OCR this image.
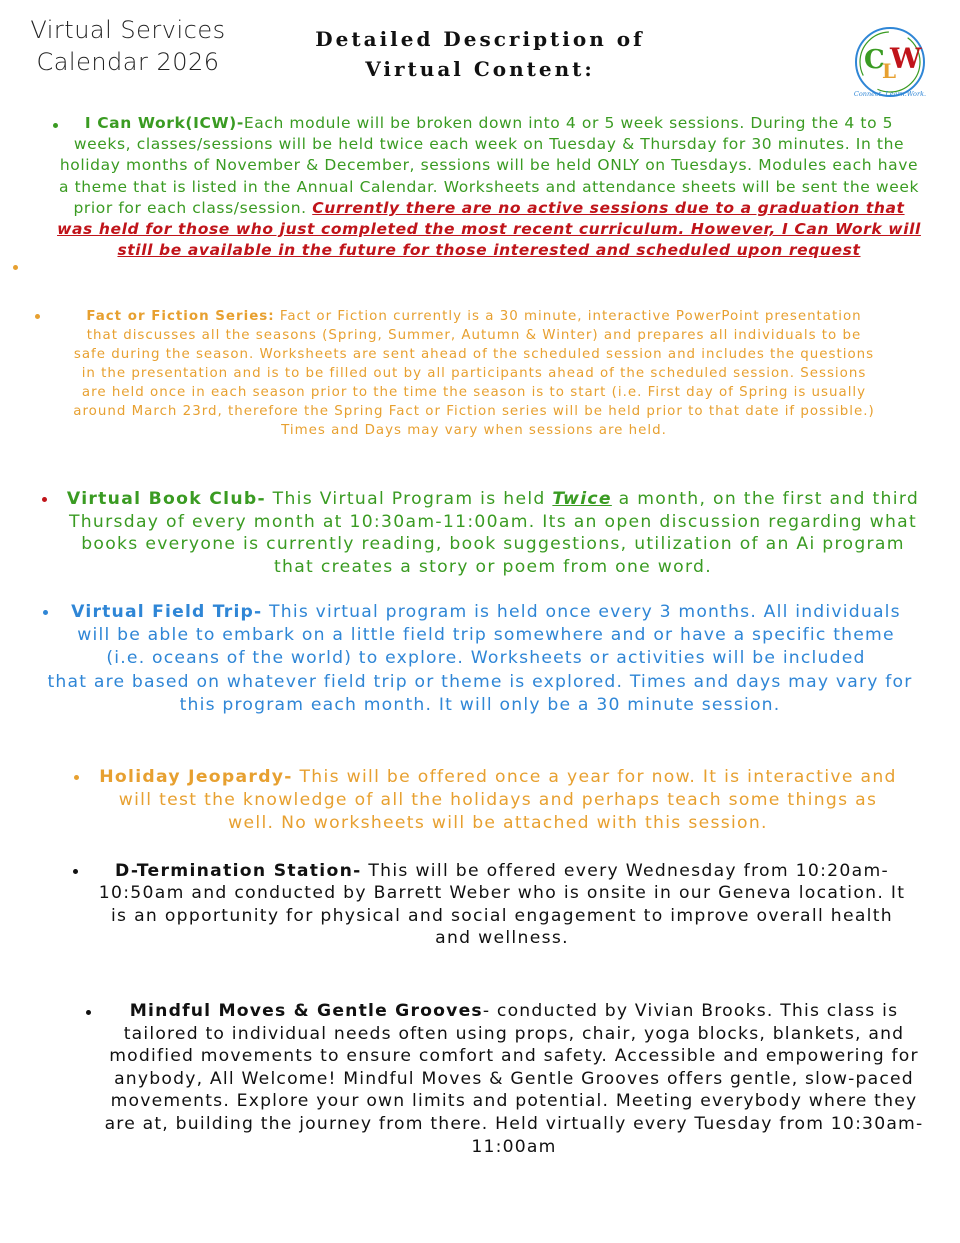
Virtual Services
Calendar 2026
Detailed Description of
Virtual Content:	C
L
W
Connect. Learn.Work.
I Can Work(ICW)-Each module will be broken down into 4 or 5 week sessions. During the 4 to 5 weeks, classes/sessions will be held twice each week on Tuesday & Thursday for 30 minutes. In the holiday months of November & December, sessions will be held ONLY on Tuesdays. Modules each have a theme that is listed in the Annual Calendar. Worksheets and attendance sheets will be sent the week prior for each class/session. Currently there are no active sessions due to a graduation that was held for those who just completed the most recent curriculum. However, I Can Work will still be available in the future for those interested and scheduled upon request
Fact or Fiction Series: Fact or Fiction currently is a 30 minute, interactive PowerPoint presentation that discusses all the seasons (Spring, Summer, Autumn & Winter) and prepares all individuals to be safe during the season. Worksheets are sent ahead of the scheduled session and includes the questions in the presentation and is to be filled out by all participants ahead of the scheduled session. Sessions are held once in each season prior to the time the season is to start (i.e. First day of Spring is usually around March 23rd, therefore the Spring Fact or Fiction series will be held prior to that date if possible.) Times and Days may vary when sessions are held.
Virtual Book Club- This Virtual Program is held Twice a month, on the first and third Thursday of every month at 10:30am-11:00am. Its an open discussion regarding what books everyone is currently reading, book suggestions, utilization of an Ai program that creates a story or poem from one word.
Virtual Field Trip- This virtual program is held once every 3 months. All individuals will be able to embark on a little field trip somewhere and or have a specific theme (i.e. oceans of the world) to explore. Worksheets or activities will be included
that are based on whatever field trip or theme is explored. Times and days may vary for this program each month. It will only be a 30 minute session.
Holiday Jeopardy- This will be offered once a year for now. It is interactive and will test the knowledge of all the holidays and perhaps teach some things as well. No worksheets will be attached with this session.
D-Termination Station- This will be offered every Wednesday from 10:20am-10:50am and conducted by Barrett Weber who is onsite in our Geneva location. It is an opportunity for physical and social engagement to improve overall health and wellness.
Mindful Moves & Gentle Grooves- conducted by Vivian Brooks. This class is tailored to individual needs often using props, chair, yoga blocks, blankets, and modified movements to ensure comfort and safety. Accessible and empowering for anybody, All Welcome! Mindful Moves & Gentle Grooves offers gentle, slow-paced movements. Explore your own limits and potential. Meeting everybody where they are at, building the journey from there. Held virtually every Tuesday from 10:30am-11:00am
